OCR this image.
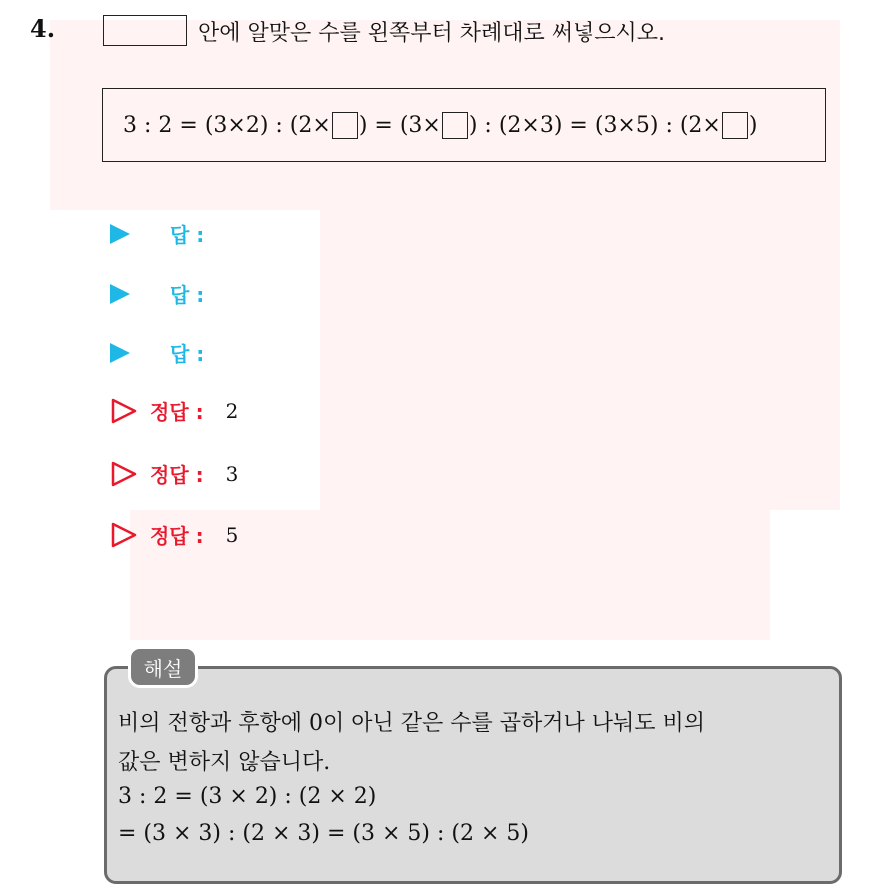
4.	안에 알맞은 수를 왼쪽부터 차례대로 써넣으시오.
3 : 2 = (3×2) : (2× ) = (3× ) : (2×3) = (3×5) : (2× )
답 :
답 :
답 :
정답 : 2
정답 : 3
정답 : 5
해설
비의 전항과 후항에 0이 아닌 같은 수를 곱하거나 나눠도 비의
값은 변하지 않습니다.
3 : 2 = (3 × 2) : (2 × 2)
= (3 × 3) : (2 × 3) = (3 × 5) : (2 × 5)
